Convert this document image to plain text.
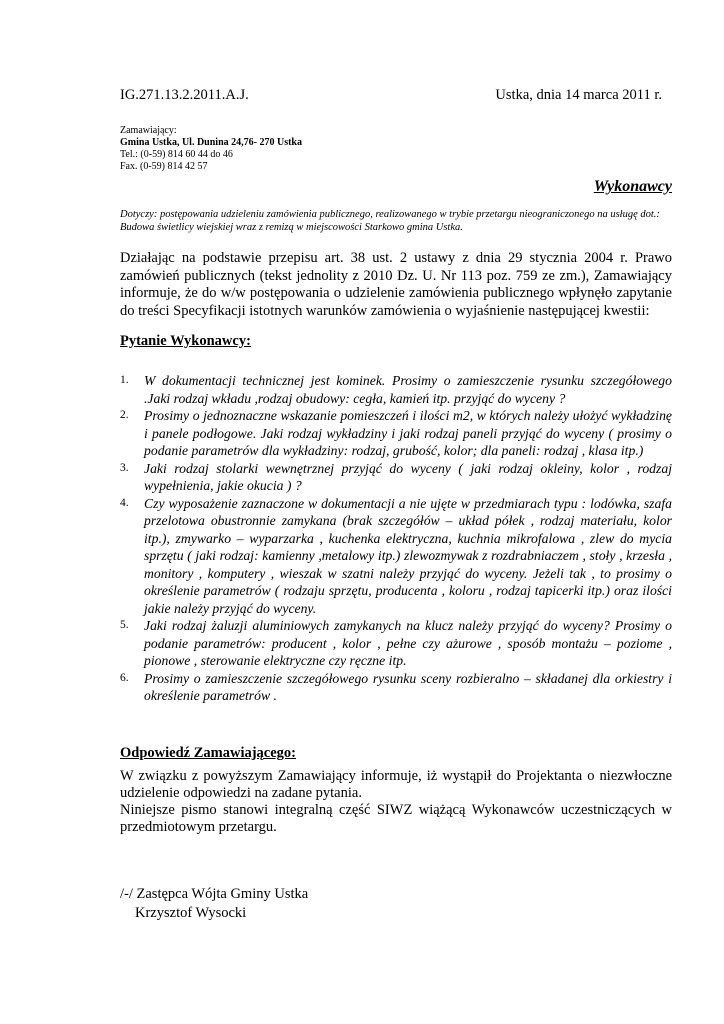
IG.271.13.2.2011.A.J.	Ustka, dnia 14 marca 2011 r.
Zamawiający:
Gmina Ustka, Ul. Dunina 24,76- 270 Ustka
Tel.: (0-59) 814 60 44 do 46
Fax. (0-59) 814 42 57
Wykonawcy
Dotyczy: postępowania udzieleniu zamówienia publicznego, realizowanego w trybie przetargu nieograniczonego na usługę dot.: Budowa świetlicy wiejskiej wraz z remizą w miejscowości Starkowo gmina Ustka.
Działając na podstawie przepisu art. 38 ust. 2 ustawy z dnia 29 stycznia 2004 r. Prawo zamówień publicznych (tekst jednolity z 2010 Dz. U. Nr 113 poz. 759 ze zm.), Zamawiający informuje, że do w/w postępowania o udzielenie zamówienia publicznego wpłynęło zapytanie do treści Specyfikacji istotnych warunków zamówienia o wyjaśnienie następującej kwestii:
Pytanie Wykonawcy:
1. W dokumentacji technicznej jest kominek. Prosimy o zamieszczenie rysunku szczegółowego .Jaki rodzaj wkładu ,rodzaj obudowy: cegła, kamień itp. przyjąć do wyceny ?
2. Prosimy o jednoznaczne wskazanie pomieszczeń i ilości m2, w których należy ułożyć wykładzinę i panele podłogowe. Jaki rodzaj wykładziny i jaki rodzaj paneli przyjąć do wyceny ( prosimy o podanie parametrów dla wykładziny: rodzaj, grubość, kolor; dla paneli: rodzaj , klasa itp.)
3. Jaki rodzaj stolarki wewnętrznej przyjąć do wyceny ( jaki rodzaj okleiny, kolor , rodzaj wypełnienia, jakie okucia ) ?
4. Czy wyposażenie zaznaczone w dokumentacji a nie ujęte w przedmiarach typu : lodówka, szafa przelotowa obustronnie zamykana (brak szczegółów – układ półek , rodzaj materiału, kolor itp.), zmywarko – wyparzarka , kuchenka elektryczna, kuchnia mikrofalowa , zlew do mycia sprzętu ( jaki rodzaj: kamienny ,metalowy itp.) zlewozmywak z rozdrabniaczem , stoły , krzesła , monitory , komputery , wieszak w szatni należy przyjąć do wyceny. Jeżeli tak , to prosimy o określenie parametrów ( rodzaju sprzętu, producenta , koloru , rodzaj tapicerki itp.) oraz ilości jakie należy przyjąć do wyceny.
5. Jaki rodzaj żaluzji aluminiowych zamykanych na klucz należy przyjąć do wyceny? Prosimy o podanie parametrów: producent , kolor , pełne czy ażurowe , sposób montażu – poziome , pionowe , sterowanie elektryczne czy ręczne itp.
6. Prosimy o zamieszczenie szczegółowego rysunku sceny rozbieralno – składanej dla orkiestry i określenie parametrów .
Odpowiedź Zamawiającego:

W związku z powyższym Zamawiający informuje, iż wystąpił do Projektanta o niezwłoczne udzielenie odpowiedzi na zadane pytania.

Niniejsze pismo stanowi integralną część SIWZ wiążącą Wykonawców uczestniczących w przedmiotowym przetargu.

/-/ Zastępca Wójta Gminy Ustka
Krzysztof Wysocki
